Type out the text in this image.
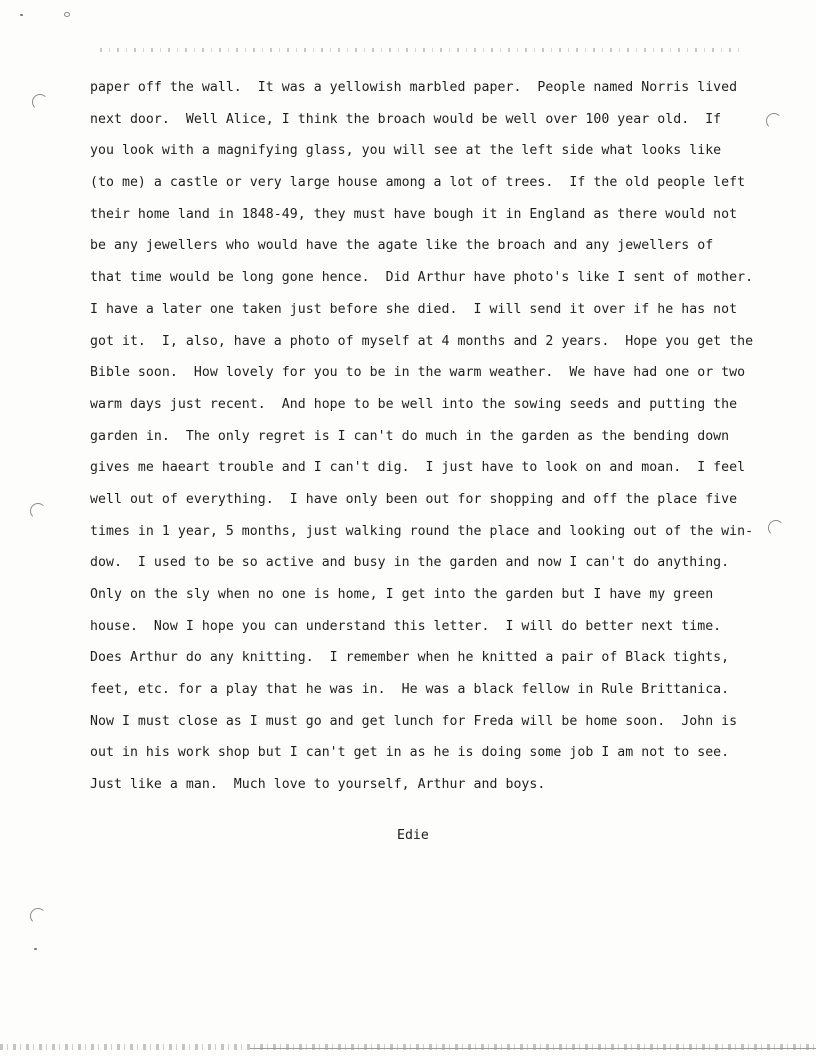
paper off the wall.  It was a yellowish marbled paper.  People named Norris lived
next door.  Well Alice, I think the broach would be well over 100 year old.  If
you look with a magnifying glass, you will see at the left side what looks like
(to me) a castle or very large house among a lot of trees.  If the old people left
their home land in 1848-49, they must have bough it in England as there would not
be any jewellers who would have the agate like the broach and any jewellers of
that time would be long gone hence.  Did Arthur have photo's like I sent of mother.
I have a later one taken just before she died.  I will send it over if he has not
got it.  I, also, have a photo of myself at 4 months and 2 years.  Hope you get the
Bible soon.  How lovely for you to be in the warm weather.  We have had one or two
warm days just recent.  And hope to be well into the sowing seeds and putting the
garden in.  The only regret is I can't do much in the garden as the bending down
gives me haeart trouble and I can't dig.  I just have to look on and moan.  I feel
well out of everything.  I have only been out for shopping and off the place five
times in 1 year, 5 months, just walking round the place and looking out of the win-
dow.  I used to be so active and busy in the garden and now I can't do anything.
Only on the sly when no one is home, I get into the garden but I have my green
house.  Now I hope you can understand this letter.  I will do better next time.
Does Arthur do any knitting.  I remember when he knitted a pair of Black tights,
feet, etc. for a play that he was in.  He was a black fellow in Rule Brittanica.
Now I must close as I must go and get lunch for Freda will be home soon.  John is
out in his work shop but I can't get in as he is doing some job I am not to see.
Just like a man.  Much love to yourself, Arthur and boys.
Edie
